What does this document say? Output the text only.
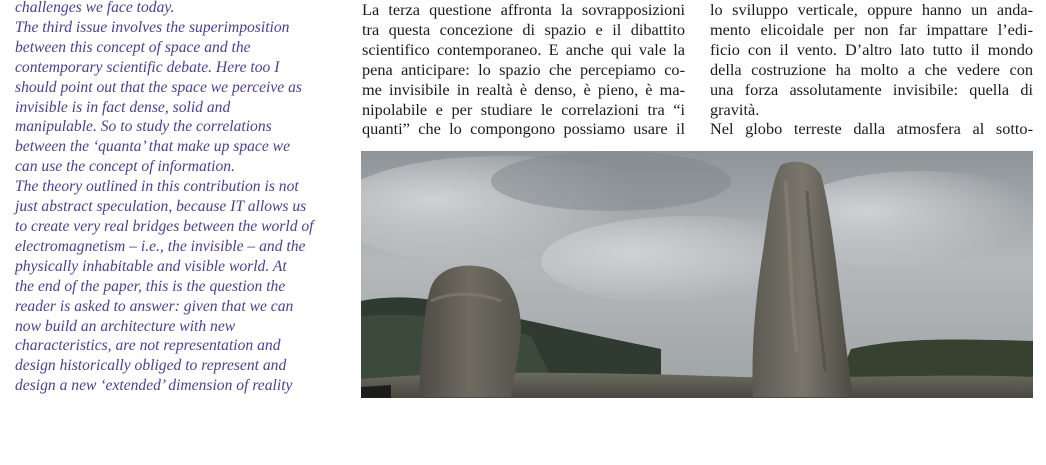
challenges we face today.
The third issue involves the superimposition
between this concept of space and the
contemporary scientific debate. Here too I
should point out that the space we perceive as
invisible is in fact dense, solid and
manipulable. So to study the correlations
between the ‘quanta’ that make up space we
can use the concept of information.
The theory outlined in this contribution is not
just abstract speculation, because IT allows us
to create very real bridges between the world of
electromagnetism – i.e., the invisible – and the
physically inhabitable and visible world. At
the end of the paper, this is the question the
reader is asked to answer: given that we can
now build an architecture with new
characteristics, are not representation and
design historically obliged to represent and
design a new ‘extended’ dimension of reality
La terza questione affronta la sovrapposizioni
tra questa concezione di spazio e il dibattito
scientifico contemporaneo. E anche qui vale la
pena anticipare: lo spazio che percepiamo co-
me invisibile in realtà è denso, è pieno, è ma-
nipolabile e per studiare le correlazioni tra “i
quanti” che lo compongono possiamo usare il
lo sviluppo verticale, oppure hanno un anda-
mento elicoidale per non far impattare l’edi-
ficio con il vento. D’altro lato tutto il mondo
della costruzione ha molto a che vedere con
una forza assolutamente invisibile: quella di
gravità.
Nel globo terreste dalla atmosfera al sotto-
